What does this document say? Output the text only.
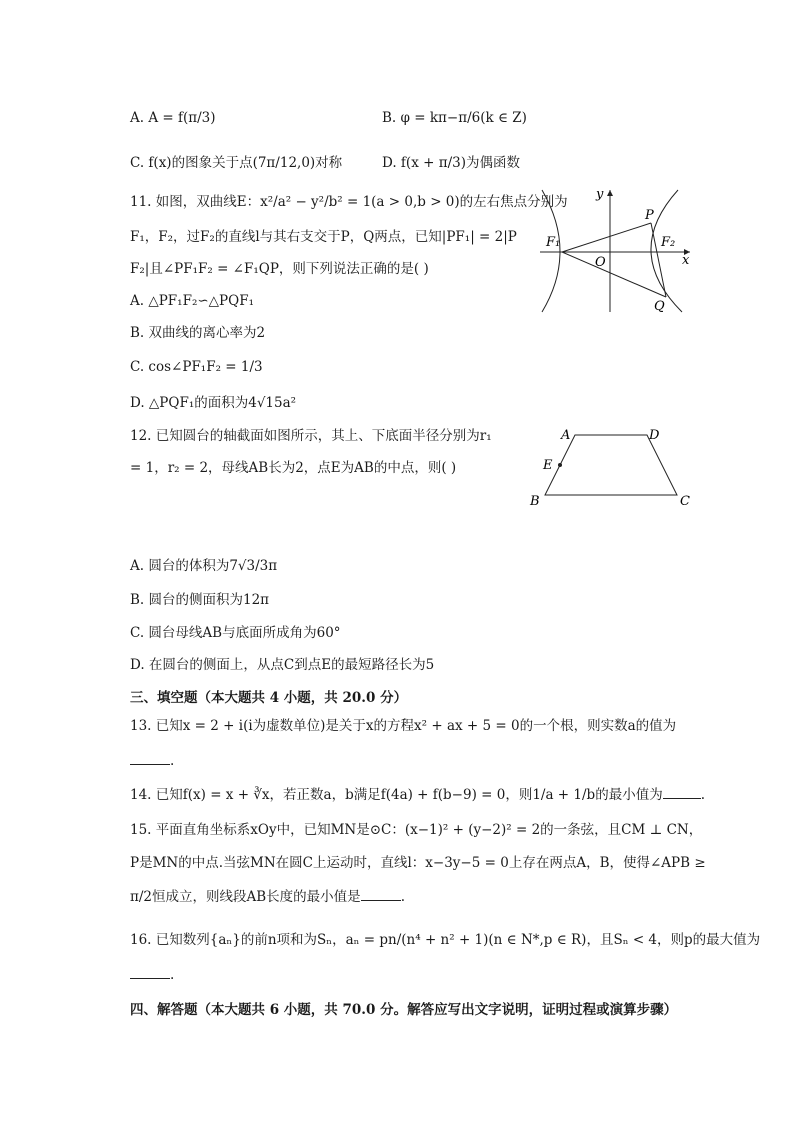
A. A = f(π/3)	B. φ = kπ−π/6(k ∈ Z)
C. f(x)的图象关于点(7π/12,0)对称	D. f(x + π/3)为偶函数
11. 如图，双曲线E：x²/a² − y²/b² = 1(a > 0,b > 0)的左右焦点分别为
F₁，F₂，过F₂的直线l与其右支交于P，Q两点，已知|PF₁| = 2|P
F₂|且∠PF₁F₂ = ∠F₁QP，则下列说法正确的是( )
A. △PF₁F₂∽△PQF₁
B. 双曲线的离心率为2
C. cos∠PF₁F₂ = 1/3
D. △PQF₁的面积为4√15a²
y
P
F₁	F₂
O	x
Q
12. 已知圆台的轴截面如图所示，其上、下底面半径分别为r₁
= 1，r₂ = 2，母线AB长为2，点E为AB的中点，则( )
A	D
E
B	C
A. 圆台的体积为7√3/3π
B. 圆台的侧面积为12π
C. 圆台母线AB与底面所成角为60°
D. 在圆台的侧面上，从点C到点E的最短路径长为5
三、填空题（本大题共 4 小题，共 20.0 分）
13. 已知x = 2 + i(i为虚数单位)是关于x的方程x² + ax + 5 = 0的一个根，则实数a的值为
.
14. 已知f(x) = x + ∛x，若正数a，b满足f(4a) + f(b−9) = 0，则1/a + 1/b的最小值为	.
15. 平面直角坐标系xOy中，已知MN是⊙C：(x−1)² + (y−2)² = 2的一条弦，且CM ⊥ CN，
P是MN的中点.当弦MN在圆C上运动时，直线l：x−3y−5 = 0上存在两点A，B，使得∠APB ≥
π/2恒成立，则线段AB长度的最小值是	.
16. 已知数列{aₙ}的前n项和为Sₙ，aₙ = pn/(n⁴ + n² + 1)(n ∈ N*,p ∈ R)，且Sₙ < 4，则p的最大值为
.
四、解答题（本大题共 6 小题，共 70.0 分。解答应写出文字说明，证明过程或演算步骤）
